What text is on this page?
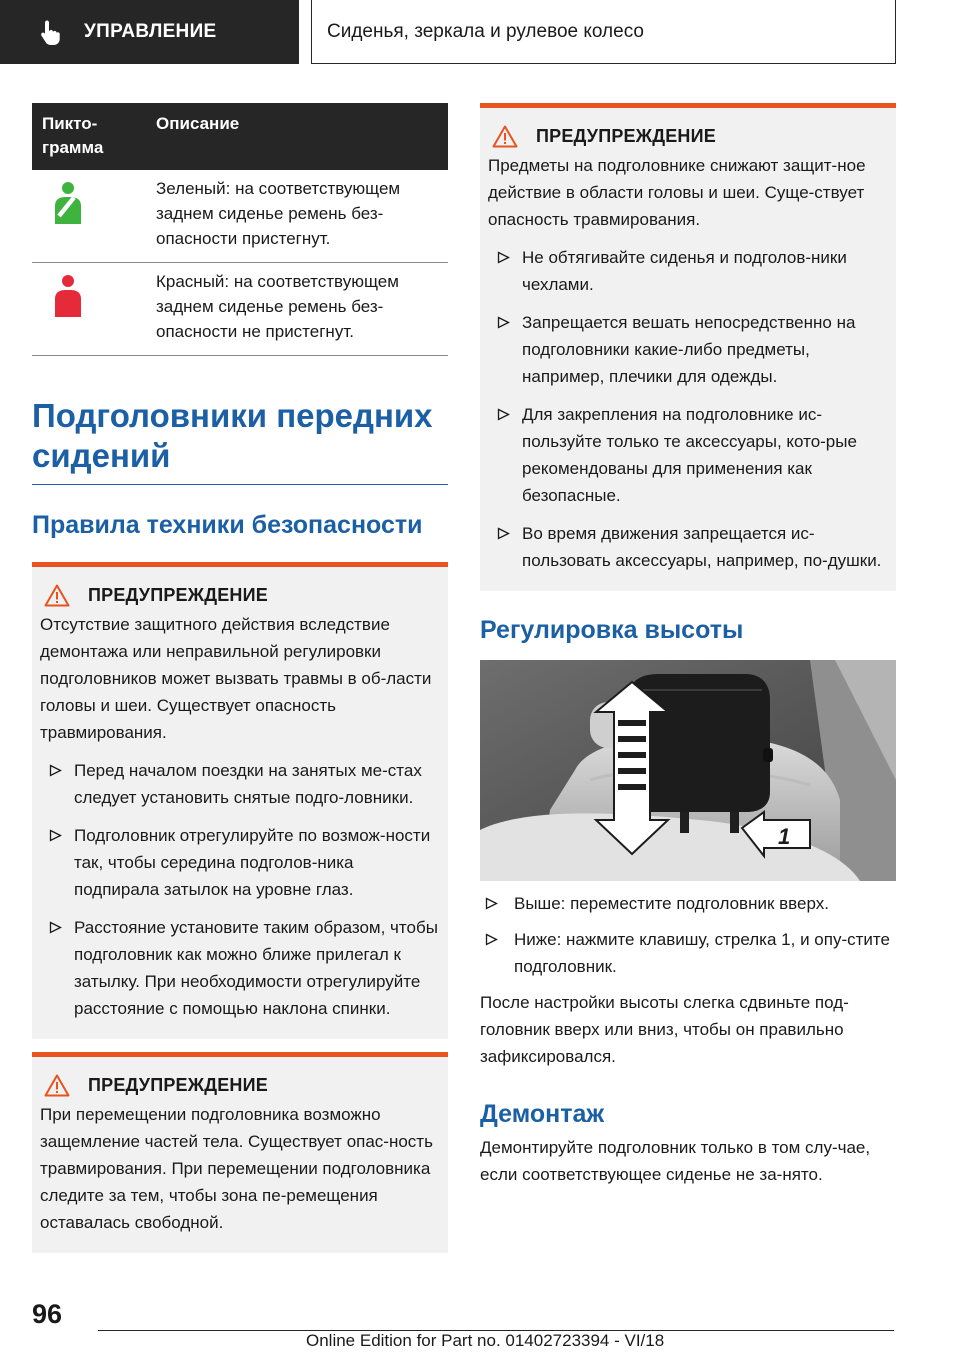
УПРАВЛЕНИЕ	Сиденья, зеркала и рулевое колесо
Пикто-грамма	Описание
	Зеленый: на соответствующем заднем сиденье ремень без-опасности пристегнут.
	Красный: на соответствующем заднем сиденье ремень без-опасности не пристегнут.
Подголовники передних сидений
Правила техники безопасности
ПРЕДУПРЕЖДЕНИЕ

Отсутствие защитного действия вследствие демонтажа или неправильной регулировки подголовников может вызвать травмы в об-ласти головы и шеи. Существует опасность травмирования.

Перед началом поездки на занятых ме-стах следует установить снятые подго-ловники.
Подголовник отрегулируйте по возмож-ности так, чтобы середина подголов-ника подпирала затылок на уровне глаз.
Расстояние установите таким образом, чтобы подголовник как можно ближе прилегал к затылку. При необходимости отрегулируйте расстояние с помощью наклона спинки.
ПРЕДУПРЕЖДЕНИЕ

При перемещении подголовника возможно защемление частей тела. Существует опас-ность травмирования. При перемещении подголовника следите за тем, чтобы зона пе-ремещения оставалась свободной.

ПРЕДУПРЕЖДЕНИЕ

Предметы на подголовнике снижают защит-ное действие в области головы и шеи. Суще-ствует опасность травмирования.

Не обтягивайте сиденья и подголов-ники чехлами.
Запрещается вешать непосредственно на подголовники какие-либо предметы, например, плечики для одежды.
Для закрепления на подголовнике ис-пользуйте только те аксессуары, кото-рые рекомендованы для применения как безопасные.
Во время движения запрещается ис-пользовать аксессуары, например, по-душки.
Регулировка высоты
1
Выше: переместите подголовник вверх.
Ниже: нажмите клавишу, стрелка 1, и опу-стите подголовник.

После настройки высоты слегка сдвиньте под-головник вверх или вниз, чтобы он правильно зафиксировался.

Демонтаж

Демонтируйте подголовник только в том слу-чае, если соответствующее сиденье не за-нято.

96
Online Edition for Part no. 01402723394 - VI/18
